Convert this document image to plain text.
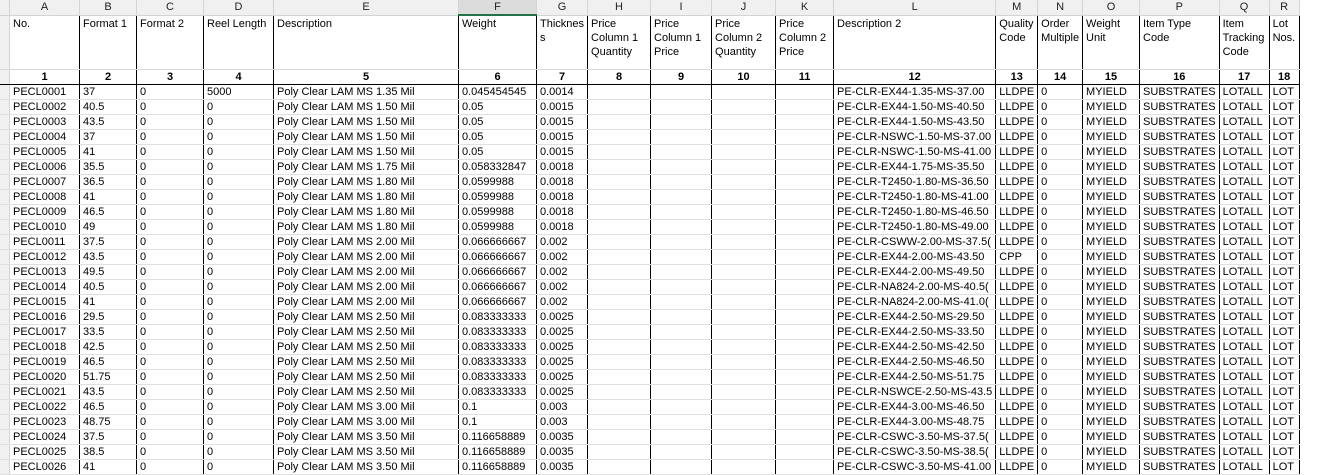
	A	B	C	D	E	F	G	H	I	J	K	L	M	N	O	P	Q	R
	No.	Format 1	Format 2	Reel Length	Description	Weight	Thicknes s	Price Column 1 Quantity	Price Column 1 Price	Price Column 2 Quantity	Price Column 2 Price	Description 2	Quality Code	Order Multiple	Weight Unit	Item Type Code	Item Tracking Code	Lot Nos.
	1	2	3	4	5	6	7	8	9	10	11	12	13	14	15	16	17	18
	PECL0001	37	0	5000	Poly Clear LAM MS 1.35 Mil	0.045454545	0.0014					PE-CLR-EX44-1.35-MS-37.00	LLDPE	0	MYIELD	SUBSTRATES	LOTALL	LOT
	PECL0002	40.5	0	0	Poly Clear LAM MS 1.50 Mil	0.05	0.0015					PE-CLR-EX44-1.50-MS-40.50	LLDPE	0	MYIELD	SUBSTRATES	LOTALL	LOT
	PECL0003	43.5	0	0	Poly Clear LAM MS 1.50 Mil	0.05	0.0015					PE-CLR-EX44-1.50-MS-43.50	LLDPE	0	MYIELD	SUBSTRATES	LOTALL	LOT
	PECL0004	37	0	0	Poly Clear LAM MS 1.50 Mil	0.05	0.0015					PE-CLR-NSWC-1.50-MS-37.00	LLDPE	0	MYIELD	SUBSTRATES	LOTALL	LOT
	PECL0005	41	0	0	Poly Clear LAM MS 1.50 Mil	0.05	0.0015					PE-CLR-NSWC-1.50-MS-41.00	LLDPE	0	MYIELD	SUBSTRATES	LOTALL	LOT
	PECL0006	35.5	0	0	Poly Clear LAM MS 1.75 Mil	0.058332847	0.0018					PE-CLR-EX44-1.75-MS-35.50	LLDPE	0	MYIELD	SUBSTRATES	LOTALL	LOT
	PECL0007	36.5	0	0	Poly Clear LAM MS 1.80 Mil	0.0599988	0.0018					PE-CLR-T2450-1.80-MS-36.50	LLDPE	0	MYIELD	SUBSTRATES	LOTALL	LOT
	PECL0008	41	0	0	Poly Clear LAM MS 1.80 Mil	0.0599988	0.0018					PE-CLR-T2450-1.80-MS-41.00	LLDPE	0	MYIELD	SUBSTRATES	LOTALL	LOT
	PECL0009	46.5	0	0	Poly Clear LAM MS 1.80 Mil	0.0599988	0.0018					PE-CLR-T2450-1.80-MS-46.50	LLDPE	0	MYIELD	SUBSTRATES	LOTALL	LOT
	PECL0010	49	0	0	Poly Clear LAM MS 1.80 Mil	0.0599988	0.0018					PE-CLR-T2450-1.80-MS-49.00	LLDPE	0	MYIELD	SUBSTRATES	LOTALL	LOT
	PECL0011	37.5	0	0	Poly Clear LAM MS 2.00 Mil	0.066666667	0.002					PE-CLR-CSWW-2.00-MS-37.5(	LLDPE	0	MYIELD	SUBSTRATES	LOTALL	LOT
	PECL0012	43.5	0	0	Poly Clear LAM MS 2.00 Mil	0.066666667	0.002					PE-CLR-EX44-2.00-MS-43.50	CPP	0	MYIELD	SUBSTRATES	LOTALL	LOT
	PECL0013	49.5	0	0	Poly Clear LAM MS 2.00 Mil	0.066666667	0.002					PE-CLR-EX44-2.00-MS-49.50	LLDPE	0	MYIELD	SUBSTRATES	LOTALL	LOT
	PECL0014	40.5	0	0	Poly Clear LAM MS 2.00 Mil	0.066666667	0.002					PE-CLR-NA824-2.00-MS-40.5(	LLDPE	0	MYIELD	SUBSTRATES	LOTALL	LOT
	PECL0015	41	0	0	Poly Clear LAM MS 2.00 Mil	0.066666667	0.002					PE-CLR-NA824-2.00-MS-41.0(	LLDPE	0	MYIELD	SUBSTRATES	LOTALL	LOT
	PECL0016	29.5	0	0	Poly Clear LAM MS 2.50 Mil	0.083333333	0.0025					PE-CLR-EX44-2.50-MS-29.50	LLDPE	0	MYIELD	SUBSTRATES	LOTALL	LOT
	PECL0017	33.5	0	0	Poly Clear LAM MS 2.50 Mil	0.083333333	0.0025					PE-CLR-EX44-2.50-MS-33.50	LLDPE	0	MYIELD	SUBSTRATES	LOTALL	LOT
	PECL0018	42.5	0	0	Poly Clear LAM MS 2.50 Mil	0.083333333	0.0025					PE-CLR-EX44-2.50-MS-42.50	LLDPE	0	MYIELD	SUBSTRATES	LOTALL	LOT
	PECL0019	46.5	0	0	Poly Clear LAM MS 2.50 Mil	0.083333333	0.0025					PE-CLR-EX44-2.50-MS-46.50	LLDPE	0	MYIELD	SUBSTRATES	LOTALL	LOT
	PECL0020	51.75	0	0	Poly Clear LAM MS 2.50 Mil	0.083333333	0.0025					PE-CLR-EX44-2.50-MS-51.75	LLDPE	0	MYIELD	SUBSTRATES	LOTALL	LOT
	PECL0021	43.5	0	0	Poly Clear LAM MS 2.50 Mil	0.083333333	0.0025					PE-CLR-NSWCE-2.50-MS-43.5	LLDPE	0	MYIELD	SUBSTRATES	LOTALL	LOT
	PECL0022	46.5	0	0	Poly Clear LAM MS 3.00 Mil	0.1	0.003					PE-CLR-EX44-3.00-MS-46.50	LLDPE	0	MYIELD	SUBSTRATES	LOTALL	LOT
	PECL0023	48.75	0	0	Poly Clear LAM MS 3.00 Mil	0.1	0.003					PE-CLR-EX44-3.00-MS-48.75	LLDPE	0	MYIELD	SUBSTRATES	LOTALL	LOT
	PECL0024	37.5	0	0	Poly Clear LAM MS 3.50 Mil	0.116658889	0.0035					PE-CLR-CSWC-3.50-MS-37.5(	LLDPE	0	MYIELD	SUBSTRATES	LOTALL	LOT
	PECL0025	38.5	0	0	Poly Clear LAM MS 3.50 Mil	0.116658889	0.0035					PE-CLR-CSWC-3.50-MS-38.5(	LLDPE	0	MYIELD	SUBSTRATES	LOTALL	LOT
	PECL0026	41	0	0	Poly Clear LAM MS 3.50 Mil	0.116658889	0.0035					PE-CLR-CSWC-3.50-MS-41.00	LLDPE	0	MYIELD	SUBSTRATES	LOTALL	LOT
